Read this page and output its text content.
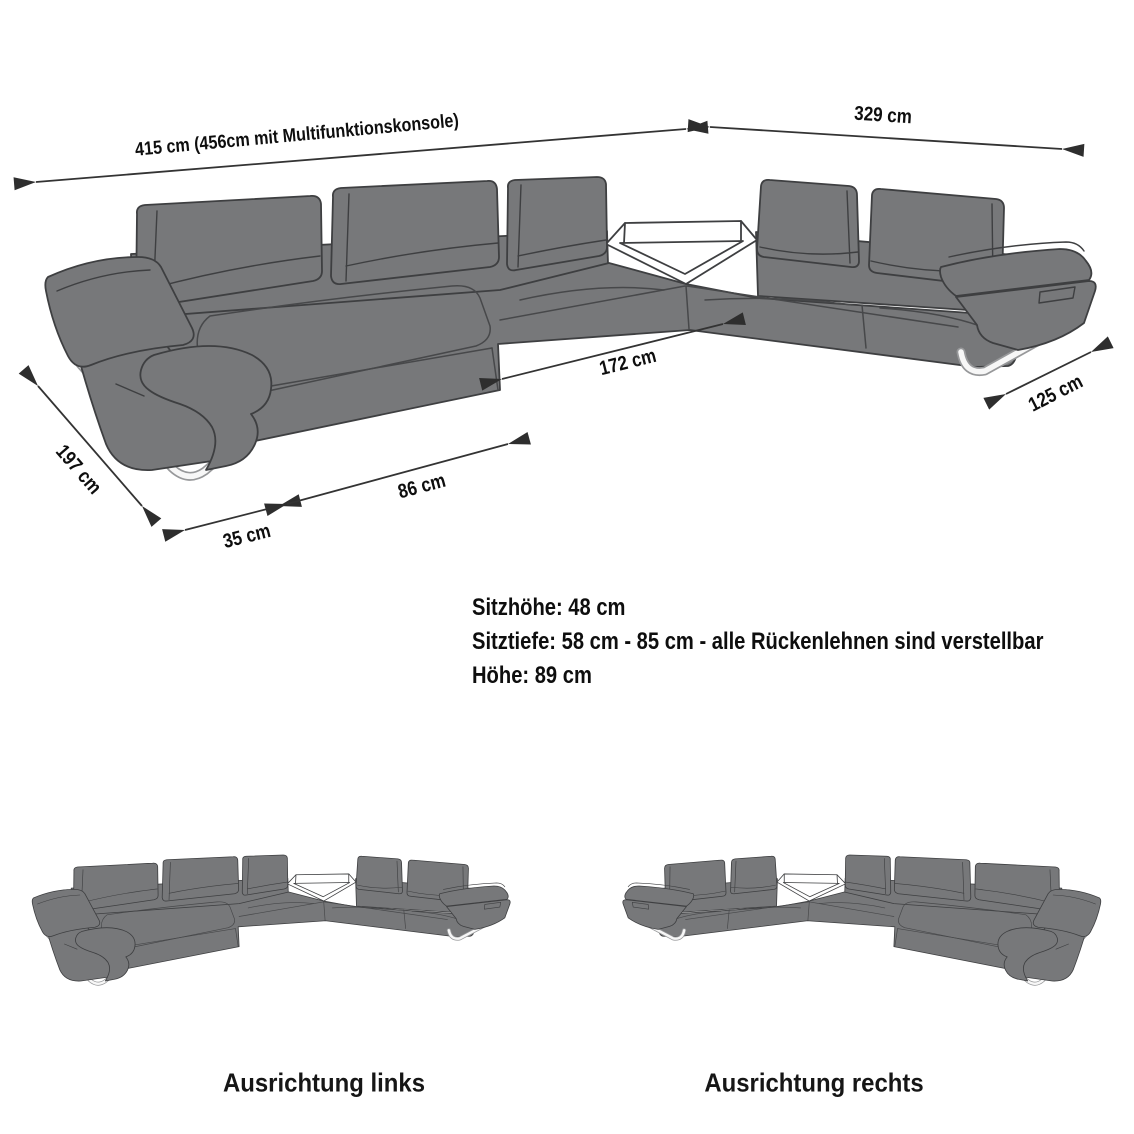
415 cm (456cm mit Multifunktionskonsole)	329 cm
172 cm
125 cm
197 cm	86 cm
35 cm
Sitzhöhe: 48 cm
Sitztiefe: 58 cm - 85 cm - alle Rückenlehnen sind verstellbar
Höhe: 89 cm
Ausrichtung links	Ausrichtung rechts
